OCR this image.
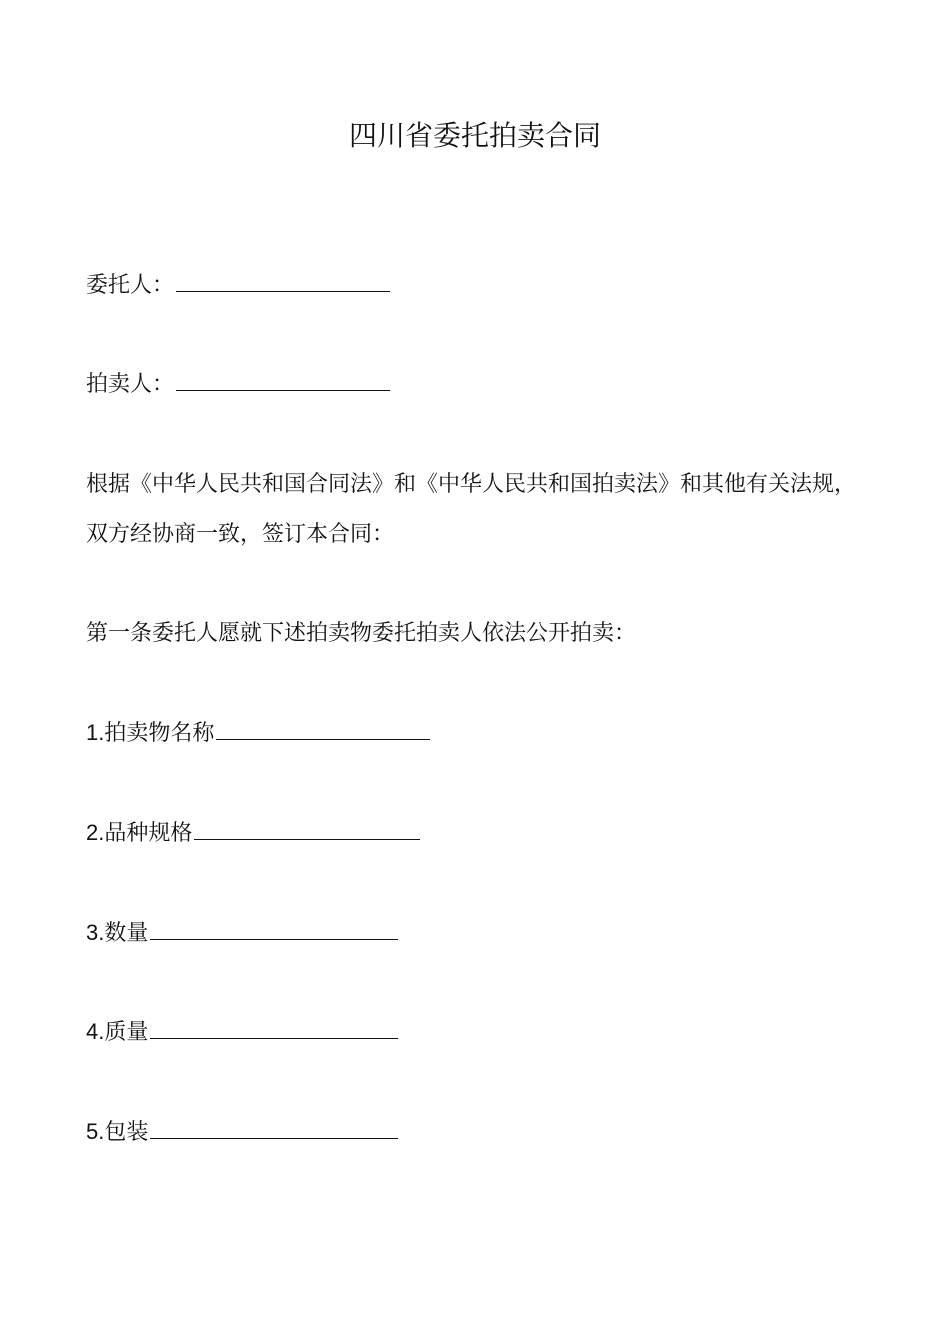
四川省委托拍卖合同
委托人：
拍卖人：
根据《中华人民共和国合同法》和《中华人民共和国拍卖法》和其他有关法规，双方经协商一致，签订本合同：
第一条委托人愿就下述拍卖物委托拍卖人依法公开拍卖：
1.拍卖物名称
2.品种规格
3.数量
4.质量
5.包装
